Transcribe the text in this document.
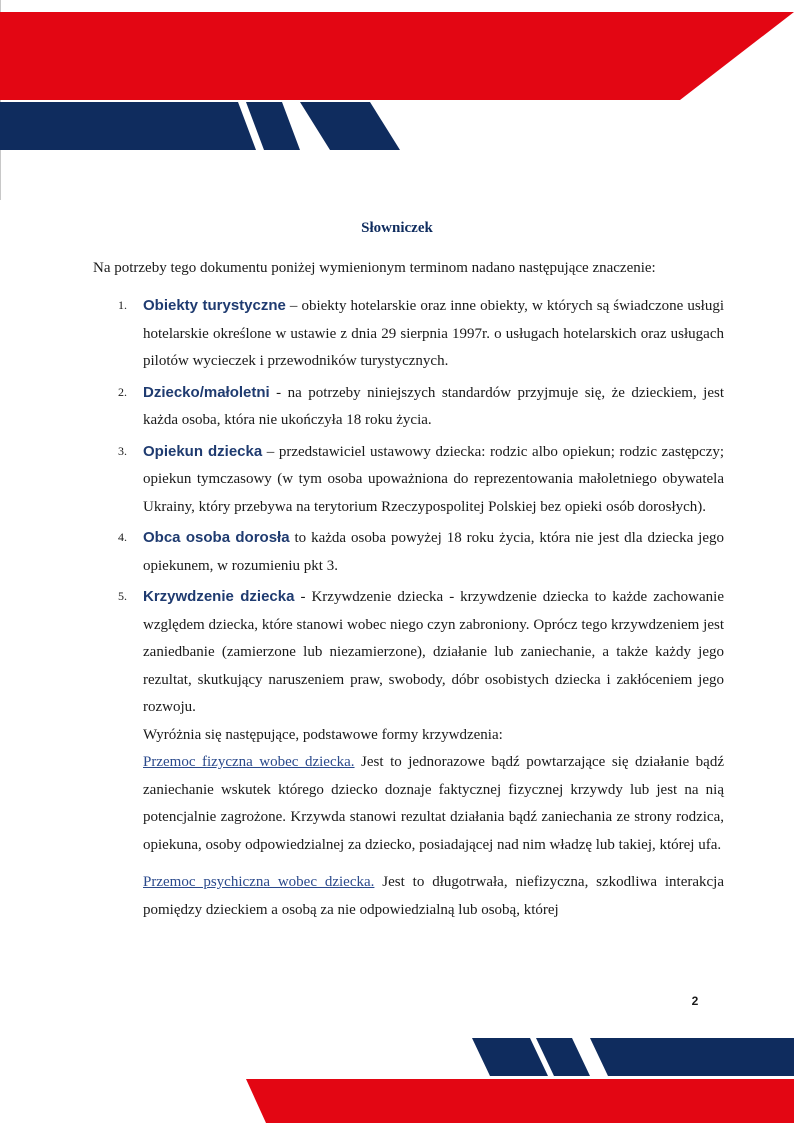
Słowniczek

Na potrzeby tego dokumentu poniżej wymienionym terminom nadano następujące znaczenie:

1. Obiekty turystyczne – obiekty hotelarskie oraz inne obiekty, w których są świadczone usługi hotelarskie określone w ustawie z dnia 29 sierpnia 1997r. o usługach hotelarskich oraz usługach pilotów wycieczek i przewodników turystycznych.
2. Dziecko/małoletni - na potrzeby niniejszych standardów przyjmuje się, że dzieckiem, jest każda osoba, która nie ukończyła 18 roku życia.
3. Opiekun dziecka – przedstawiciel ustawowy dziecka: rodzic albo opiekun; rodzic zastępczy; opiekun tymczasowy (w tym osoba upoważniona do reprezentowania małoletniego obywatela Ukrainy, który przebywa na terytorium Rzeczypospolitej Polskiej bez opieki osób dorosłych).
4. Obca osoba dorosła to każda osoba powyżej 18 roku życia, która nie jest dla dziecka jego opiekunem, w rozumieniu pkt 3.
5. Krzywdzenie dziecka - Krzywdzenie dziecka - krzywdzenie dziecka to każde zachowanie względem dziecka, które stanowi wobec niego czyn zabroniony. Oprócz tego krzywdzeniem jest zaniedbanie (zamierzone lub niezamierzone), działanie lub zaniechanie, a także każdy jego rezultat, skutkujący naruszeniem praw, swobody, dóbr osobistych dziecka i zakłóceniem jego rozwoju.

Wyróżnia się następujące, podstawowe formy krzywdzenia:

Przemoc fizyczna wobec dziecka. Jest to jednorazowe bądź powtarzające się działanie bądź zaniechanie wskutek którego dziecko doznaje faktycznej fizycznej krzywdy lub jest na nią potencjalnie zagrożone. Krzywda stanowi rezultat działania bądź zaniechania ze strony rodzica, opiekuna, osoby odpowiedzialnej za dziecko, posiadającej nad nim władzę lub takiej, której ufa.

Przemoc psychiczna wobec dziecka. Jest to długotrwała, niefizyczna, szkodliwa interakcja pomiędzy dzieckiem a osobą za nie odpowiedzialną lub osobą, której

2
